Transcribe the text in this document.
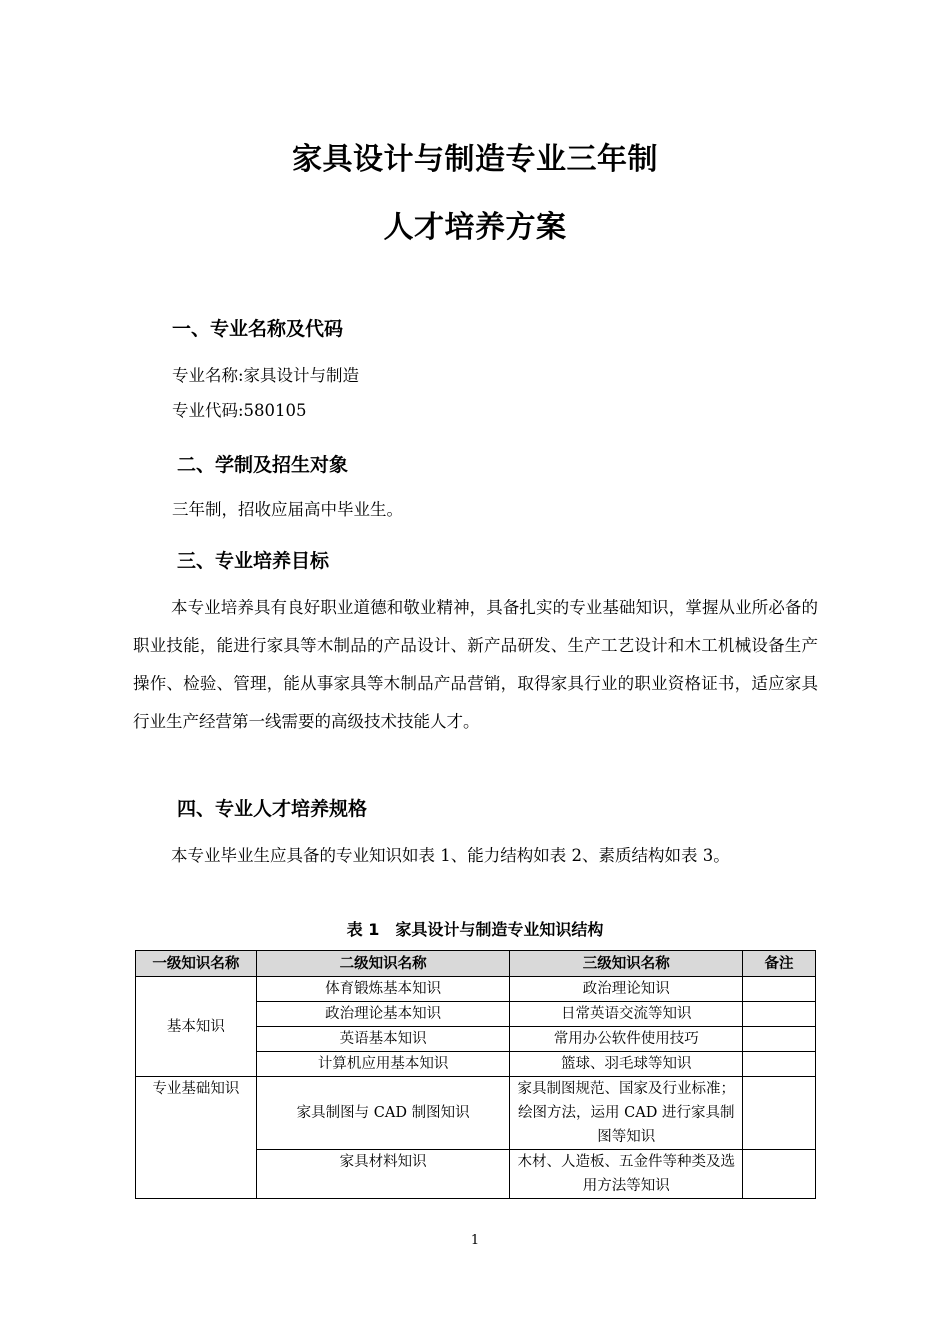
家具设计与制造专业三年制
人才培养方案
一、专业名称及代码

专业名称:家具设计与制造

专业代码:580105

二、学制及招生对象

三年制，招收应届高中毕业生。

三、专业培养目标

本专业培养具有良好职业道德和敬业精神，具备扎实的专业基础知识，掌握从业所必备的职业技能，能进行家具等木制品的产品设计、新产品研发、生产工艺设计和木工机械设备生产操作、检验、管理，能从事家具等木制品产品营销，取得家具行业的职业资格证书，适应家具行业生产经营第一线需要的高级技术技能人才。

四、专业人才培养规格

本专业毕业生应具备的专业知识如表 1、能力结构如表 2、素质结构如表 3。

表 1　家具设计与制造专业知识结构
一级知识名称	二级知识名称	三级知识名称	备注
基本知识	体育锻炼基本知识	政治理论知识	
	政治理论基本知识	日常英语交流等知识	
	英语基本知识	常用办公软件使用技巧	
	计算机应用基本知识	篮球、羽毛球等知识	
专业基础知识	家具制图与 CAD 制图知识	家具制图规范、国家及行业标准；绘图方法，运用 CAD 进行家具制图等知识	
	家具材料知识	木材、人造板、五金件等种类及选用方法等知识	
1
